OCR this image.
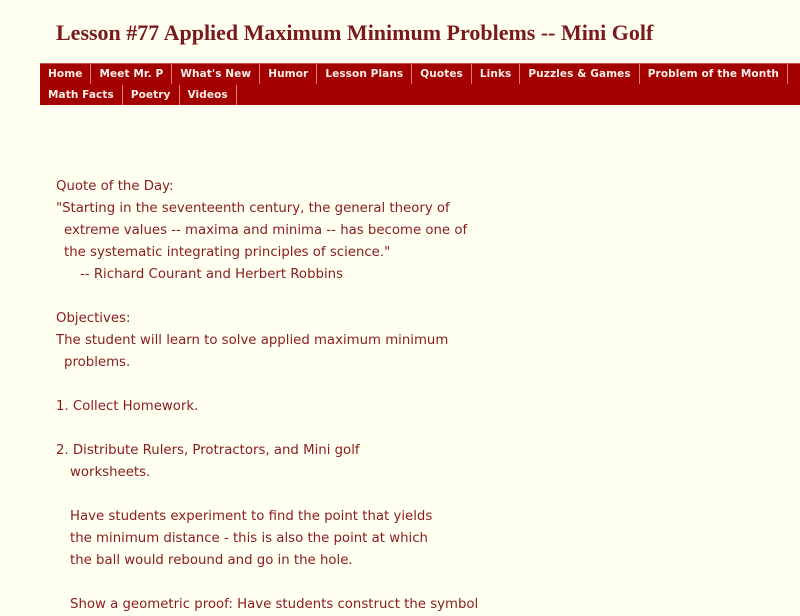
Lesson #77 Applied Maximum Minimum Problems -- Mini Golf
Home	Meet Mr. P	What's New	Humor	Lesson Plans	Quotes	Links	Puzzles & Games	Problem of the Month
Math Facts	Poetry	Videos

Quote of the Day:

"Starting in the seventeenth century, the general theory of

extreme values -- maxima and minima -- has become one of

the systematic integrating principles of science."

-- Richard Courant and Herbert Robbins

Objectives:

The student will learn to solve applied maximum minimum

problems.

1. Collect Homework.

2. Distribute Rulers, Protractors, and Mini golf

worksheets.

Have students experiment to find the point that yields

the minimum distance - this is also the point at which

the ball would rebound and go in the hole.

Show a geometric proof: Have students construct the symbol
